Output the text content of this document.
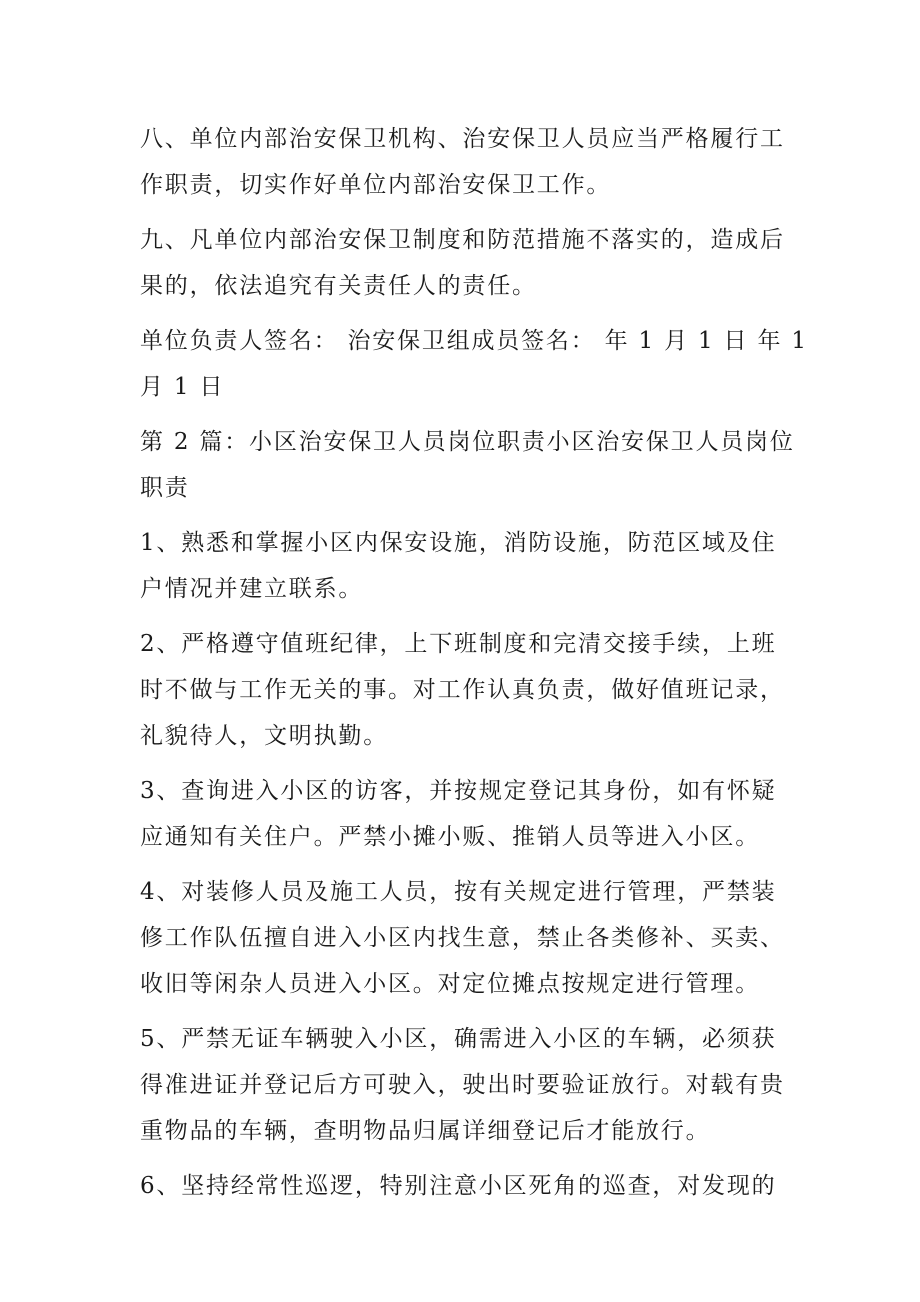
八、单位内部治安保卫机构、治安保卫人员应当严格履行工
作职责，切实作好单位内部治安保卫工作。

九、凡单位内部治安保卫制度和防范措施不落实的，造成后
果的，依法追究有关责任人的责任。

单位负责人签名： 治安保卫组成员签名： 年 1 月 1 日 年 1
月 1 日

第 2 篇：小区治安保卫人员岗位职责小区治安保卫人员岗位
职责

1、熟悉和掌握小区内保安设施，消防设施，防范区域及住
户情况并建立联系。

2、严格遵守值班纪律，上下班制度和完清交接手续，上班
时不做与工作无关的事。对工作认真负责，做好值班记录，
礼貌待人，文明执勤。

3、查询进入小区的访客，并按规定登记其身份，如有怀疑
应通知有关住户。严禁小摊小贩、推销人员等进入小区。

4、对装修人员及施工人员，按有关规定进行管理，严禁装
修工作队伍擅自进入小区内找生意，禁止各类修补、买卖、
收旧等闲杂人员进入小区。对定位摊点按规定进行管理。

5、严禁无证车辆驶入小区，确需进入小区的车辆，必须获
得准进证并登记后方可驶入，驶出时要验证放行。对载有贵
重物品的车辆，查明物品归属详细登记后才能放行。

6、坚持经常性巡逻，特别注意小区死角的巡查，对发现的
